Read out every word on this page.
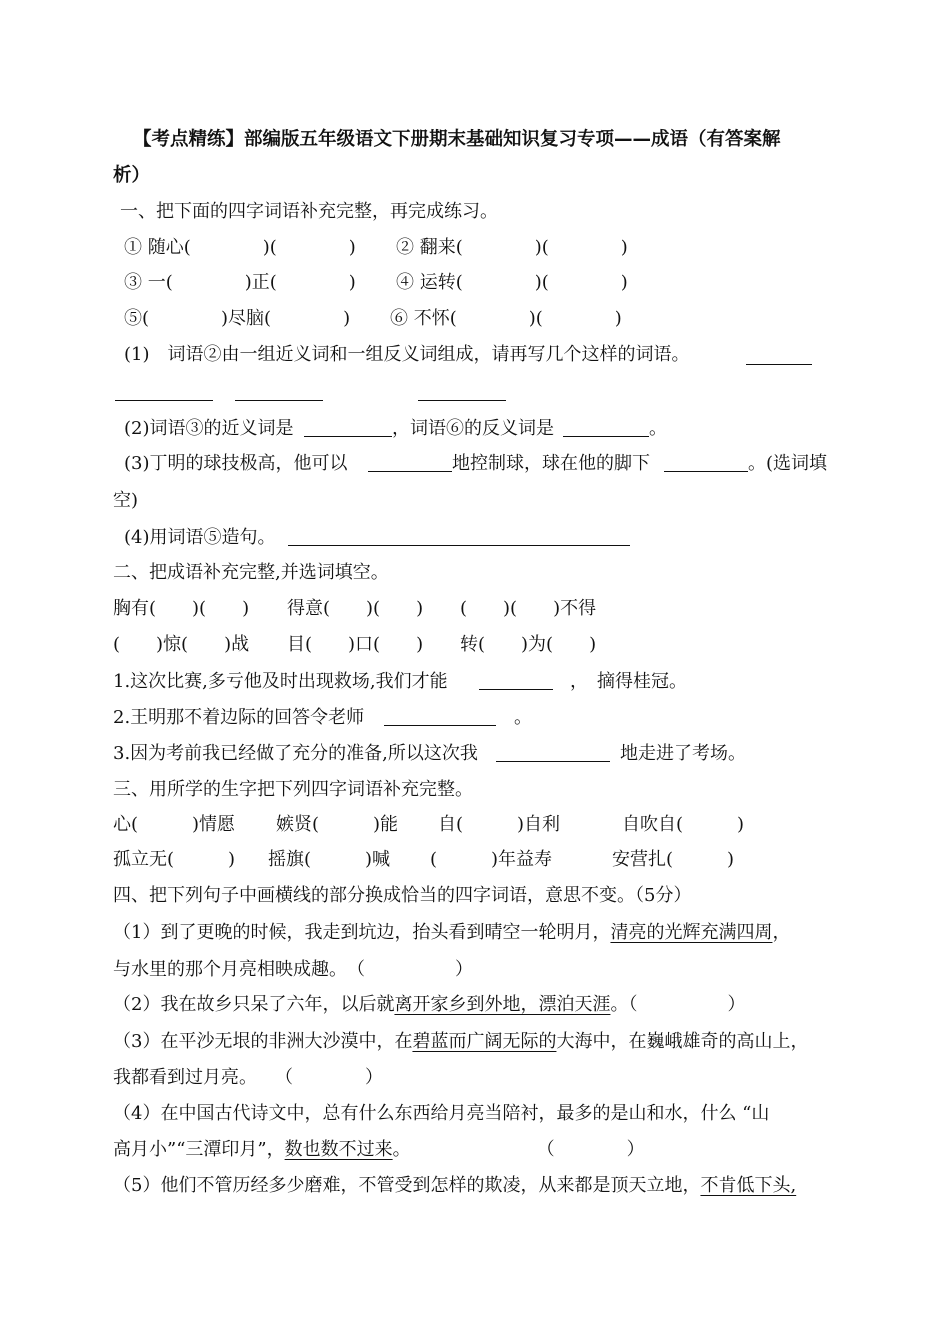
【考点精练】部编版五年级语文下册期末基础知识复习专项——成语（有答案解
析）
一、把下面的四字词语补充完整，再完成练习。
① 随心(　　　　)(　　　　) ② 翻来(　　　　)(　　　　)
③ 一(　　　　)正(　　　　) ④ 运转(　　　　)(　　　　)
⑤(　　　　)尽脑(　　　　) ⑥ 不怀(　　　　)(　　　　)
(1)　词语②由一组近义词和一组反义词组成，请再写几个这样的词语。
(2)词语③的近义词是	，词语⑥的反义词是	。
(3)丁明的球技极高，他可以	地控制球，球在他的脚下	。(选词填
空)
(4)用词语⑤造句。
二、把成语补充完整,并选词填空。
胸有(　　)(　　) 得意(　　)(　　) (　　)(　　)不得
(　　)惊(　　)战 目(　　)口(　　) 转(　　)为(　　)
1.这次比赛,多亏他及时出现救场,我们才能	，　摘得桂冠。
2.王明那不着边际的回答令老师	。
3.因为考前我已经做了充分的准备,所以这次我	地走进了考场。
三、用所学的生字把下列四字词语补充完整。
心(　　　)情愿 嫉贤(　　　)能 自(　　　)自利	自吹自(　　　)
孤立无(　　　) 摇旗(　　　)喊 (　　　)年益寿	安营扎(　　　)
四、把下列句子中画横线的部分换成恰当的四字词语，意思不变。（5分）
（1）到了更晚的时候，我走到坑边，抬头看到晴空一轮明月，清亮的光辉充满四周，
与水里的那个月亮相映成趣。　（　　　　　）
（2）我在故乡只呆了六年，以后就离开家乡到外地，漂泊天涯。（　　　　　）
（3）在平沙无垠的非洲大沙漠中，在碧蓝而广阔无际的大海中，在巍峨雄奇的高山上，
我都看到过月亮。　　（　　　　）
（4）在中国古代诗文中，总有什么东西给月亮当陪衬，最多的是山和水，什么 “山
高月小”“三潭印月”，数也数不过来。　　　　　　　　（　　　　）
（5）他们不管历经多少磨难，不管受到怎样的欺凌，从来都是顶天立地，不肯低下头,
